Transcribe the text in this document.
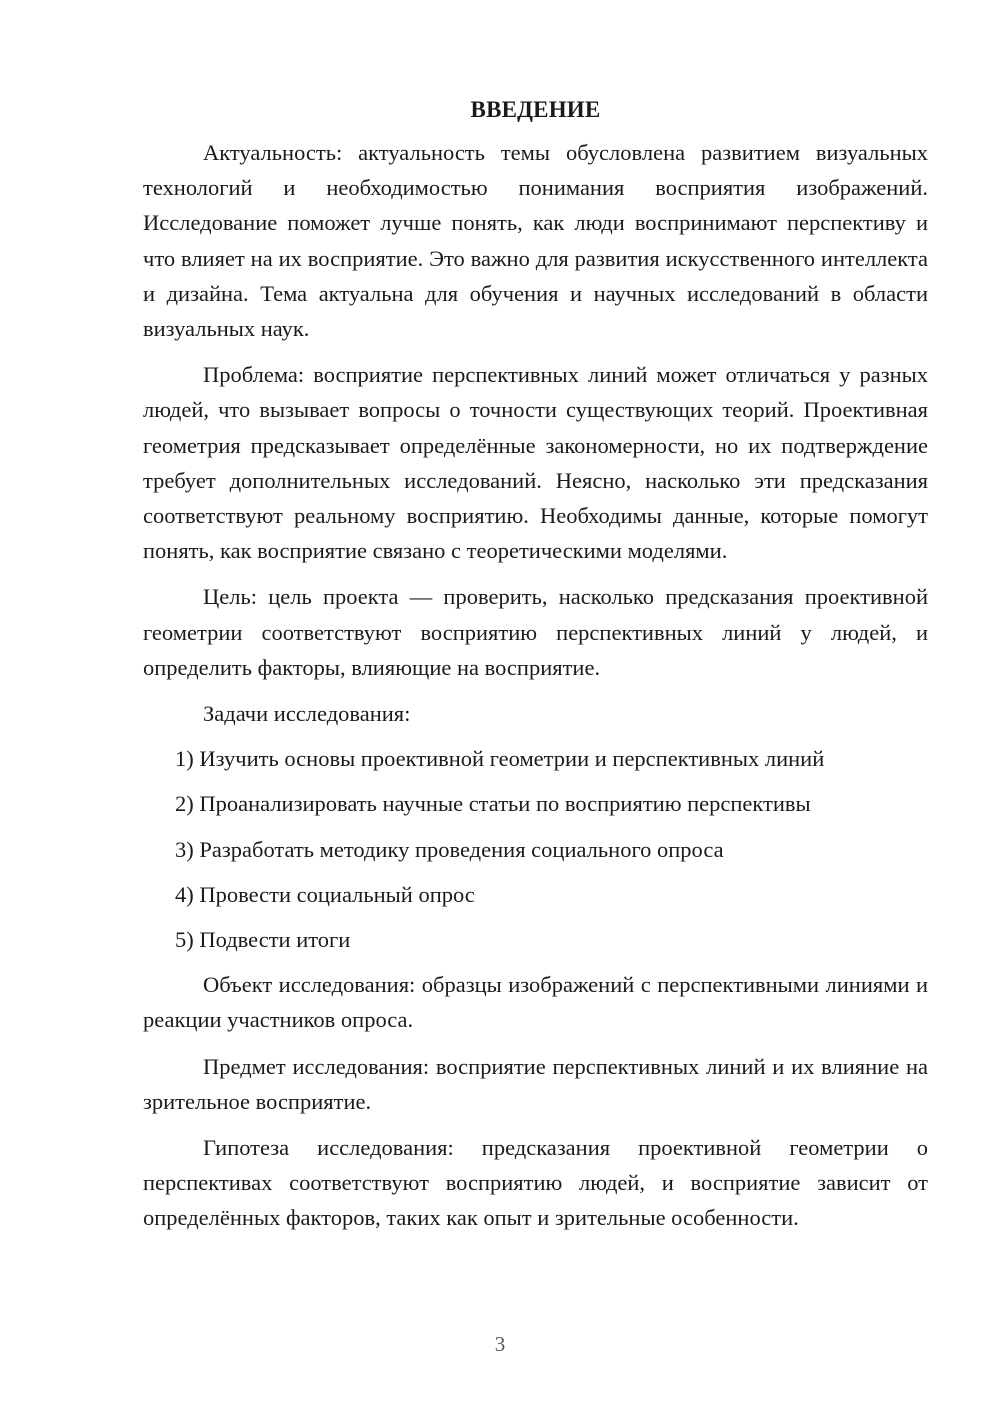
ВВЕДЕНИЕ

Актуальность: актуальность темы обусловлена развитием визуальных технологий и необходимостью понимания восприятия изображений. Исследование поможет лучше понять, как люди воспринимают перспективу и что влияет на их восприятие. Это важно для развития искусственного интеллекта и дизайна. Тема актуальна для обучения и научных исследований в области визуальных наук.

Проблема: восприятие перспективных линий может отличаться у разных людей, что вызывает вопросы о точности существующих теорий. Проективная геометрия предсказывает определённые закономерности, но их подтверждение требует дополнительных исследований. Неясно, насколько эти предсказания соответствуют реальному восприятию. Необходимы данные, которые помогут понять, как восприятие связано с теоретическими моделями.

Цель: цель проекта — проверить, насколько предсказания проективной геометрии соответствуют восприятию перспективных линий у людей, и определить факторы, влияющие на восприятие.

Задачи исследования:

1) Изучить основы проективной геометрии и перспективных линий
2) Проанализировать научные статьи по восприятию перспективы
3) Разработать методику проведения социального опроса
4) Провести социальный опрос
5) Подвести итоги

Объект исследования: образцы изображений с перспективными линиями и реакции участников опроса.

Предмет исследования: восприятие перспективных линий и их влияние на зрительное восприятие.

Гипотеза исследования: предсказания проективной геометрии о перспективах соответствуют восприятию людей, и восприятие зависит от определённых факторов, таких как опыт и зрительные особенности.

3
